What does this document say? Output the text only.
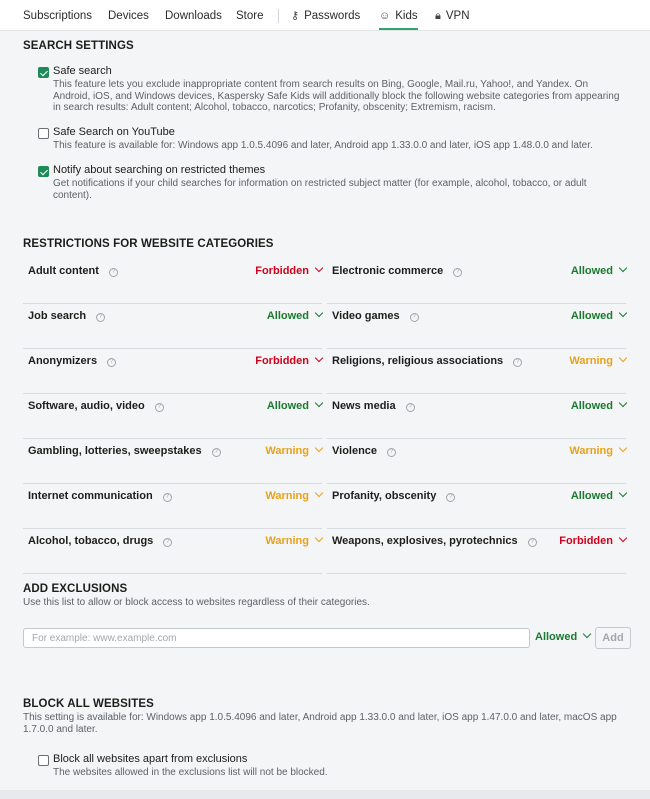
Subscriptions Devices Downloads Store	⚷ Passwords ☺ Kids 🔒︎ VPN
SEARCH SETTINGS
Safe search
This feature lets you exclude inappropriate content from search results on Bing, Google, Mail.ru, Yahoo!, and Yandex. On Android, iOS, and Windows devices, Kaspersky Safe Kids will additionally block the following website categories from appearing in search results: Adult content; Alcohol, tobacco, narcotics; Profanity, obscenity; Extremism, racism.
Safe Search on YouTube
This feature is available for: Windows app 1.0.5.4096 and later, Android app 1.33.0.0 and later, iOS app 1.48.0.0 and later.
Notify about searching on restricted themes
Get notifications if your child searches for information on restricted subject matter (for example, alcohol, tobacco, or adult content).
RESTRICTIONS FOR WEBSITE CATEGORIES
Adult content ?	Forbidden
Job search ?	Allowed
Anonymizers ?	Forbidden
Software, audio, video ?	Allowed
Gambling, lotteries, sweepstakes ?	Warning
Internet communication ?	Warning
Alcohol, tobacco, drugs ?	Warning
Electronic commerce ?	Allowed
Video games ?	Allowed
Religions, religious associations ?	Warning
News media ?	Allowed
Violence ?	Warning
Profanity, obscenity ?	Allowed
Weapons, explosives, pyrotechnics ? Forbidden
ADD EXCLUSIONS
Use this list to allow or block access to websites regardless of their categories.
For example: www.example.com
Allowed	Add
BLOCK ALL WEBSITES
This setting is available for: Windows app 1.0.5.4096 and later, Android app 1.33.0.0 and later, iOS app 1.47.0.0 and later, macOS app 1.7.0.0 and later.
Block all websites apart from exclusions
The websites allowed in the exclusions list will not be blocked.
